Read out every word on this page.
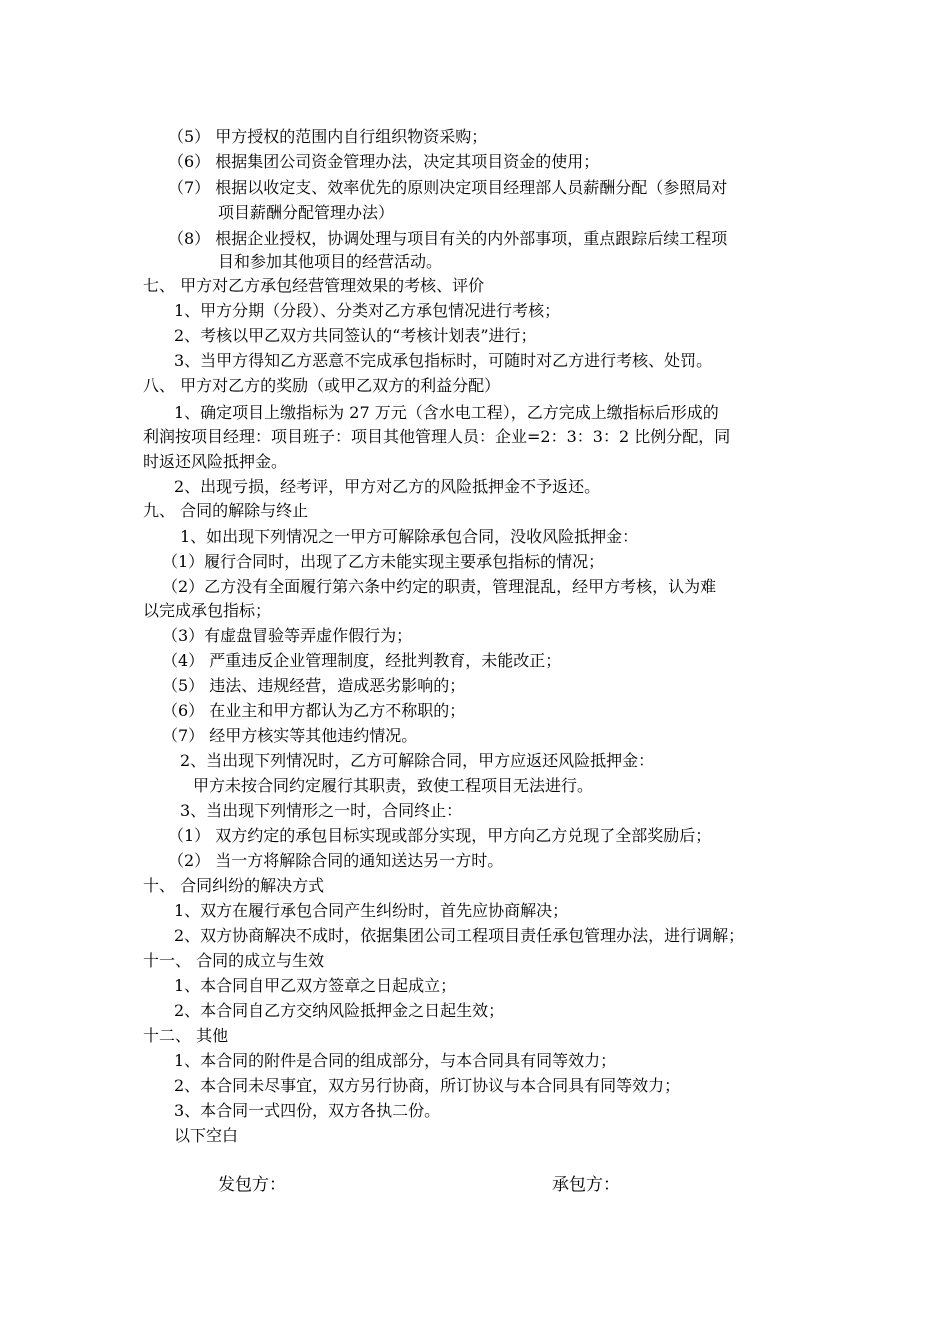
（5） 甲方授权的范围内自行组织物资采购；

（6） 根据集团公司资金管理办法，决定其项目资金的使用；

（7） 根据以收定支、效率优先的原则决定项目经理部人员薪酬分配（参照局对

项目薪酬分配管理办法）

（8） 根据企业授权，协调处理与项目有关的内外部事项，重点跟踪后续工程项

目和参加其他项目的经营活动。

七、 甲方对乙方承包经营管理效果的考核、评价

1、甲方分期（分段）、分类对乙方承包情况进行考核；

2、考核以甲乙双方共同签认的“考核计划表”进行；

3、当甲方得知乙方恶意不完成承包指标时，可随时对乙方进行考核、处罚。

八、 甲方对乙方的奖励（或甲乙双方的利益分配）

1、确定项目上缴指标为 27 万元（含水电工程），乙方完成上缴指标后形成的

利润按项目经理：项目班子：项目其他管理人员：企业=2：3：3：2 比例分配，同

时返还风险抵押金。

2、出现亏损，经考评，甲方对乙方的风险抵押金不予返还。

九、 合同的解除与终止

1、如出现下列情况之一甲方可解除承包合同，没收风险抵押金：

（1）履行合同时，出现了乙方未能实现主要承包指标的情况；

（2）乙方没有全面履行第六条中约定的职责，管理混乱，经甲方考核，认为难

以完成承包指标；

（3）有虚盘冒验等弄虚作假行为；

（4） 严重违反企业管理制度，经批判教育，未能改正；

（5） 违法、违规经营，造成恶劣影响的；

（6） 在业主和甲方都认为乙方不称职的；

（7） 经甲方核实等其他违约情况。

2、当出现下列情况时，乙方可解除合同，甲方应返还风险抵押金：

甲方未按合同约定履行其职责，致使工程项目无法进行。

3、当出现下列情形之一时，合同终止：

（1） 双方约定的承包目标实现或部分实现，甲方向乙方兑现了全部奖励后；

（2） 当一方将解除合同的通知送达另一方时。

十、 合同纠纷的解决方式

1、双方在履行承包合同产生纠纷时，首先应协商解决；

2、双方协商解决不成时，依据集团公司工程项目责任承包管理办法，进行调解；

十一、 合同的成立与生效

1、本合同自甲乙双方签章之日起成立；

2、本合同自乙方交纳风险抵押金之日起生效；

十二、 其他

1、本合同的附件是合同的组成部分，与本合同具有同等效力；

2、本合同未尽事宜，双方另行协商，所订协议与本合同具有同等效力；

3、本合同一式四份，双方各执二份。

以下空白

发包方：	承包方：
